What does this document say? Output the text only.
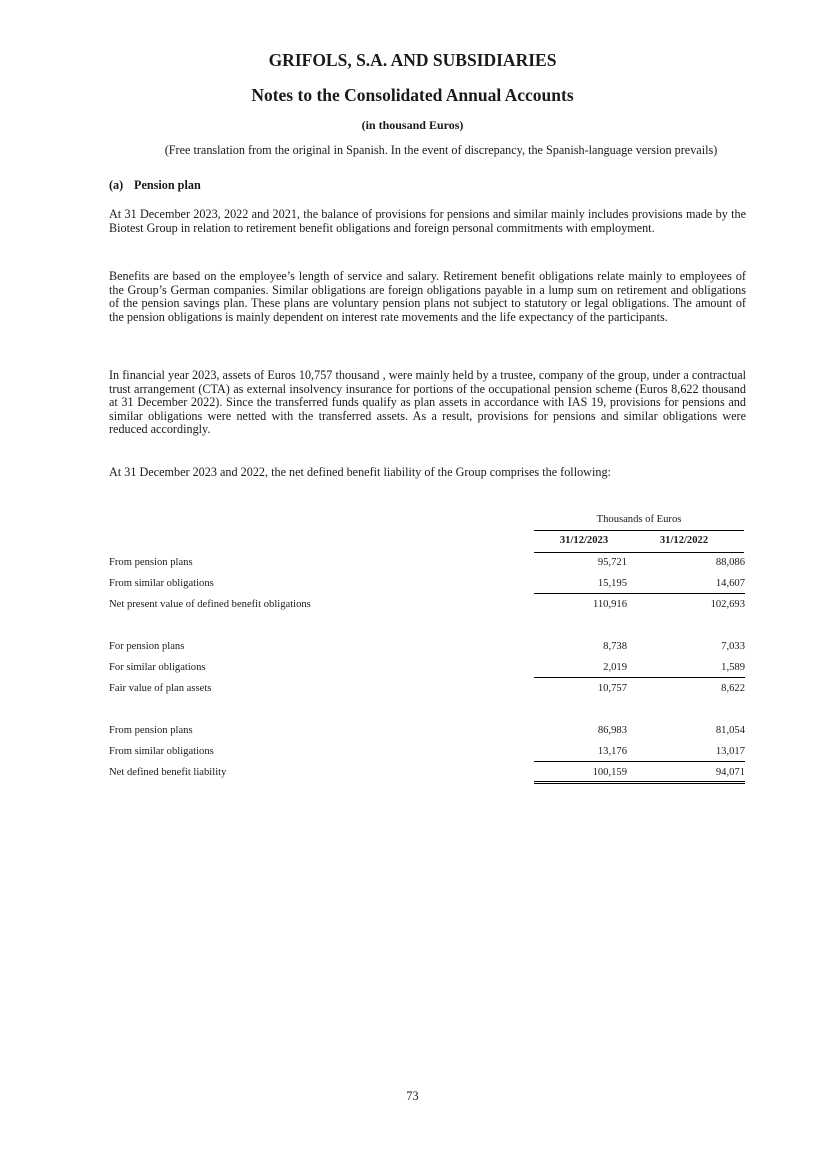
GRIFOLS, S.A. AND SUBSIDIARIES
Notes to the Consolidated Annual Accounts
(in thousand Euros)
(Free translation from the original in Spanish. In the event of discrepancy, the Spanish-language version prevails)
(a) Pension plan

At 31 December 2023, 2022 and 2021, the balance of provisions for pensions and similar mainly includes provisions made by the Biotest Group in relation to retirement benefit obligations and foreign personal commitments with employment.

Benefits are based on the employee’s length of service and salary. Retirement benefit obligations relate mainly to employees of the Group’s German companies. Similar obligations are foreign obligations payable in a lump sum on retirement and obligations of the pension savings plan. These plans are voluntary pension plans not subject to statutory or legal obligations. The amount of the pension obligations is mainly dependent on interest rate movements and the life expectancy of the participants.

In financial year 2023, assets of Euros 10,757 thousand , were mainly held by a trustee, company of the group, under a contractual trust arrangement (CTA) as external insolvency insurance for portions of the occupational pension scheme (Euros 8,622 thousand at 31 December 2022). Since the transferred funds qualify as plan assets in accordance with IAS 19, provisions for pensions and similar obligations were netted with the transferred assets. As a result, provisions for pensions and similar obligations were reduced accordingly.

At 31 December 2023 and 2022, the net defined benefit liability of the Group comprises the following:

Thousands of Euros
31/12/2023	31/12/2022
From pension plans	95,721	88,086
From similar obligations	15,195	14,607
Net present value of defined benefit obligations	110,916	102,693
For pension plans	8,738	7,033
For similar obligations	2,019	1,589
Fair value of plan assets	10,757	8,622
From pension plans	86,983	81,054
From similar obligations	13,176	13,017
Net defined benefit liability	100,159	94,071
73
